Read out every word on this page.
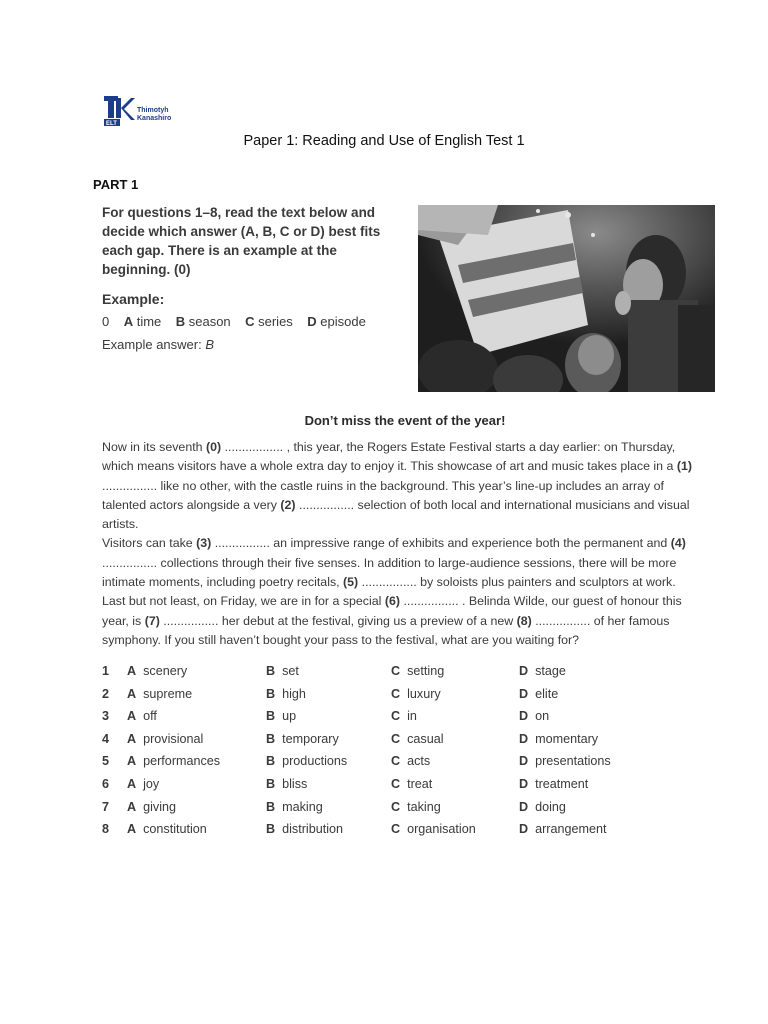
ELT
Thimotyh
Kanashiro
Paper 1: Reading and Use of English Test 1
PART 1
For questions 1–8, read the text below and decide which answer (A, B, C or D) best fits each gap. There is an example at the beginning. (0)
Example:
0 A time B season C series D episode
Example answer: B
Don’t miss the event of the year!

Now in its seventh (0) ................. , this year, the Rogers Estate Festival starts a day earlier: on Thursday, which means visitors have a whole extra day to enjoy it. This showcase of art and music takes place in a (1) ................ like no other, with the castle ruins in the background. This year’s line-up includes an array of talented actors alongside a very (2) ................ selection of both local and international musicians and visual artists.

Visitors can take (3) ................ an impressive range of exhibits and experience both the permanent and (4) ................ collections through their five senses. In addition to large-audience sessions, there will be more intimate moments, including poetry recitals, (5) ................ by soloists plus painters and sculptors at work. Last but not least, on Friday, we are in for a special (6) ................ . Belinda Wilde, our guest of honour this year, is (7) ................ her debut at the festival, giving us a preview of a new (8) ................ of her famous symphony. If you still haven’t bought your pass to the festival, what are you waiting for?

1 A scenery	B set	C setting	D stage
2 A supreme	B high	C luxury	D elite
3 A off	B up	C in	D on
4 A provisional	B temporary	C casual	D momentary
5 A performances	B productions	C acts	D presentations
6 A joy	B bliss	C treat	D treatment
7 A giving	B making	C taking	D doing
8 A constitution	B distribution	C organisation	D arrangement
